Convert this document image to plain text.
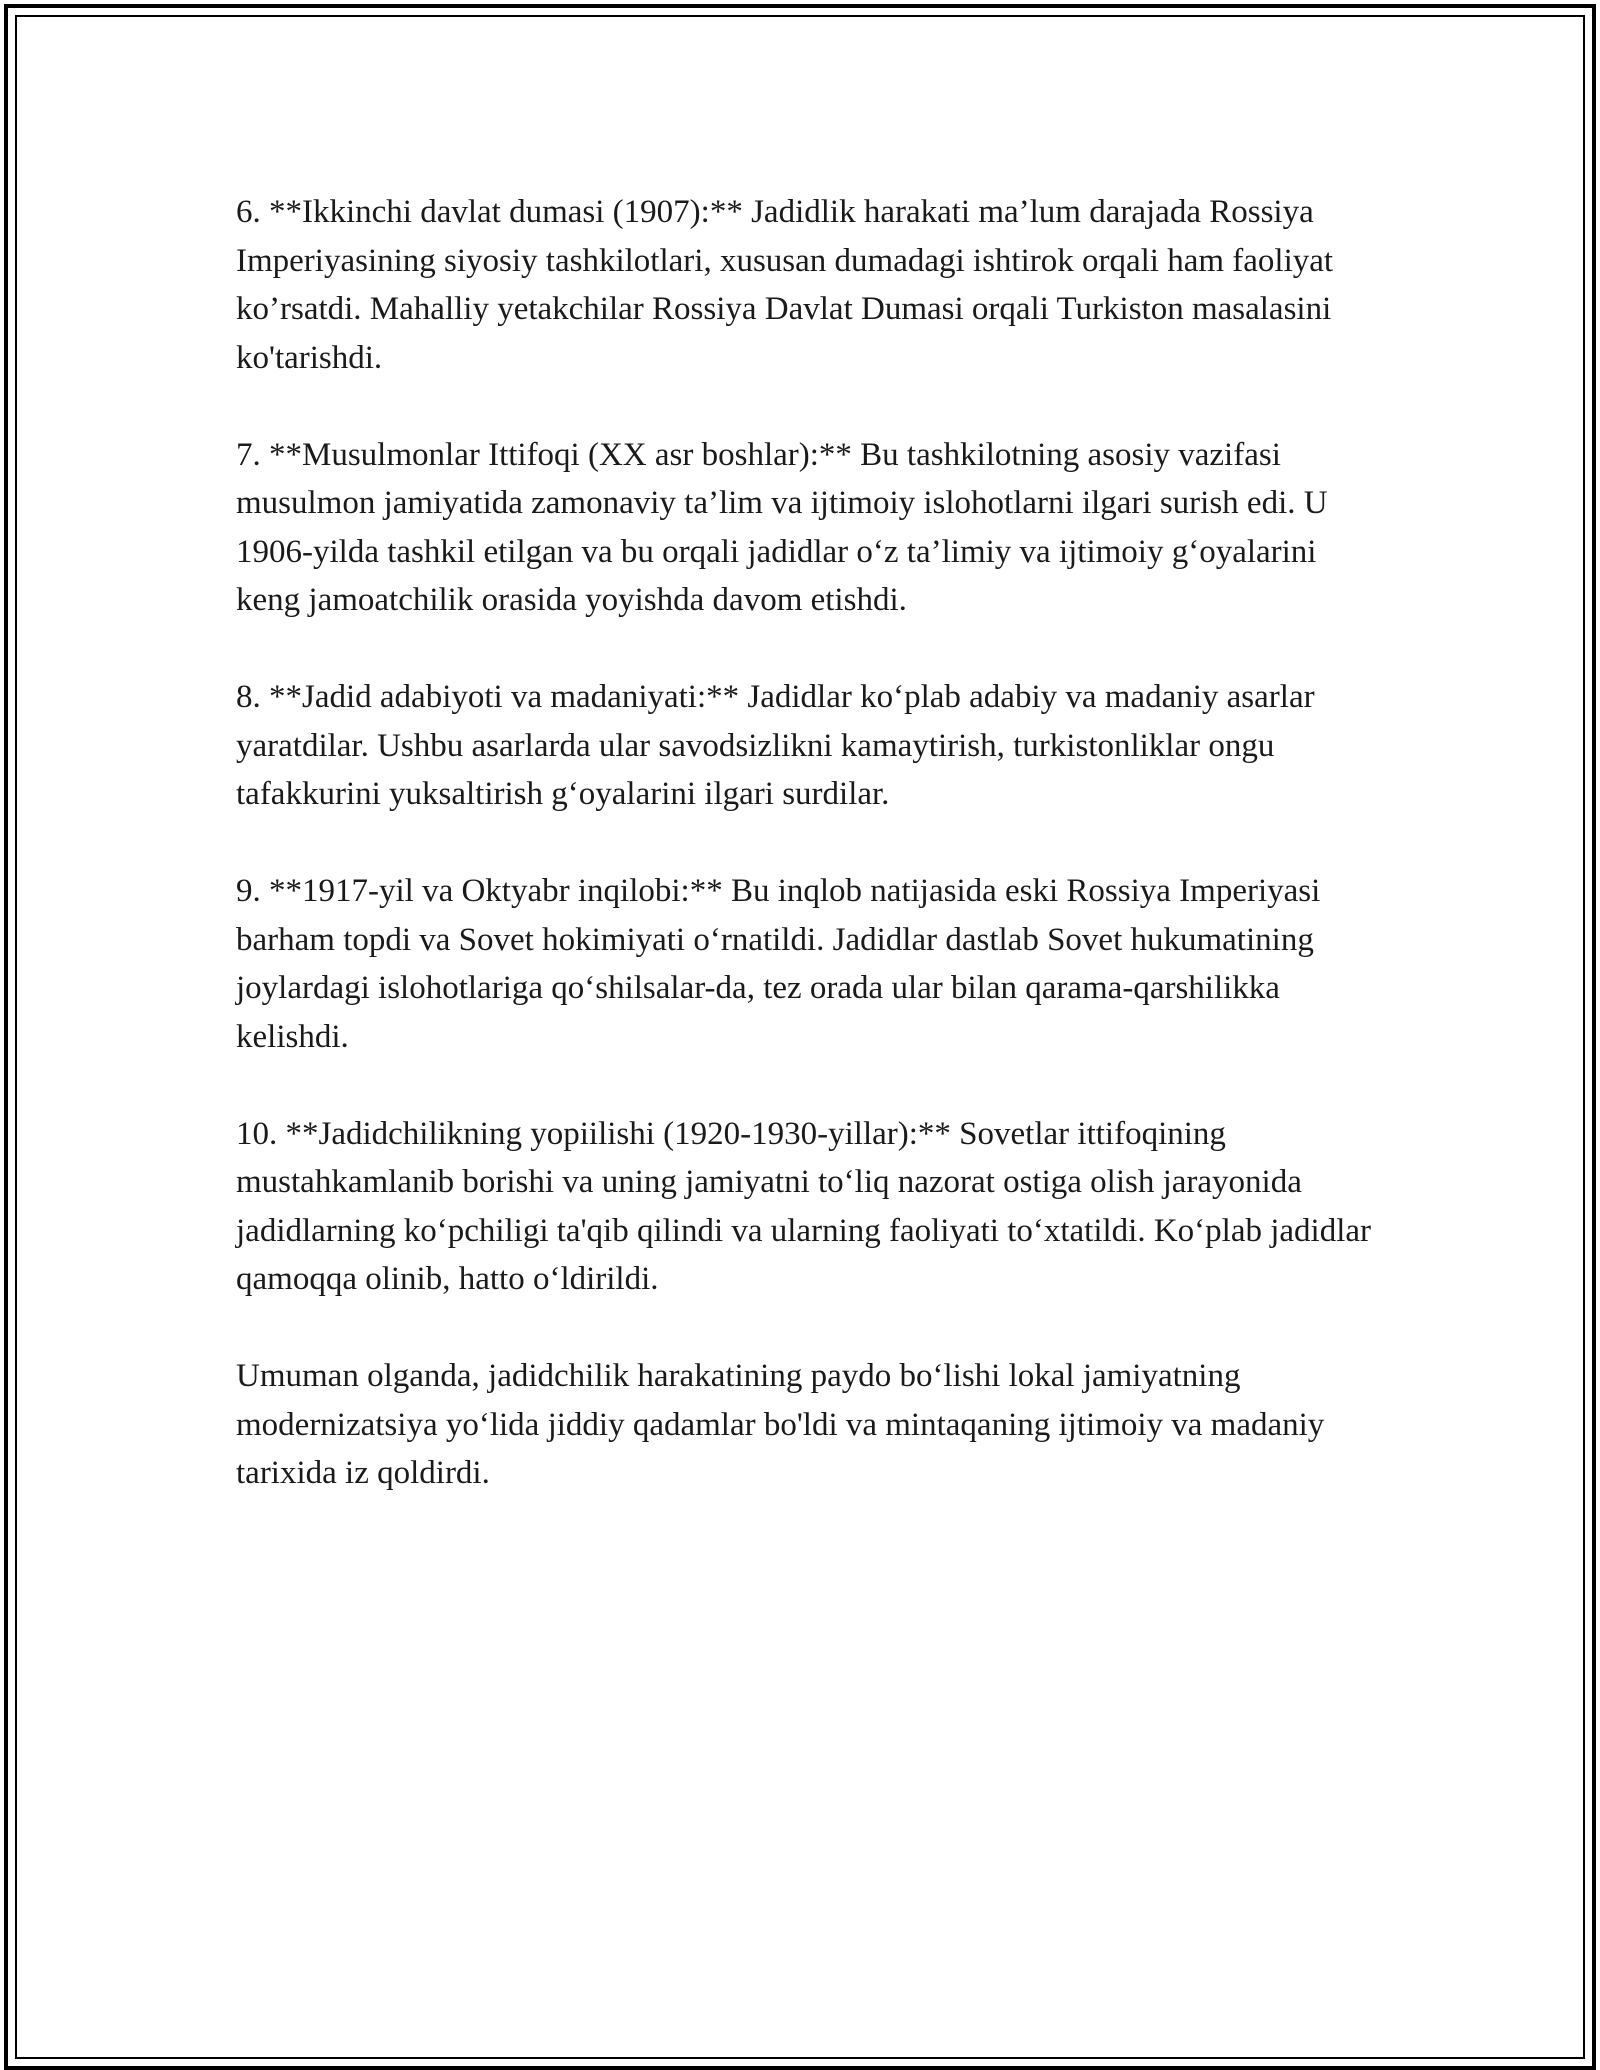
6. **Ikkinchi davlat dumasi (1907):** Jadidlik harakati ma’lum darajada Rossiya Imperiyasining siyosiy tashkilotlari, xususan dumadagi ishtirok orqali ham faoliyat ko’rsatdi. Mahalliy yetakchilar Rossiya Davlat Dumasi orqali Turkiston masalasini ko'tarishdi.

7. **Musulmonlar Ittifoqi (XX asr boshlar):** Bu tashkilotning asosiy vazifasi musulmon jamiyatida zamonaviy ta’lim va ijtimoiy islohotlarni ilgari surish edi. U 1906-yilda tashkil etilgan va bu orqali jadidlar o‘z ta’limiy va ijtimoiy g‘oyalarini keng jamoatchilik orasida yoyishda davom etishdi.

8. **Jadid adabiyoti va madaniyati:** Jadidlar ko‘plab adabiy va madaniy asarlar yaratdilar. Ushbu asarlarda ular savodsizlikni kamaytirish, turkistonliklar ongu tafakkurini yuksaltirish g‘oyalarini ilgari surdilar.

9. **1917-yil va Oktyabr inqilobi:** Bu inqlob natijasida eski Rossiya Imperiyasi barham topdi va Sovet hokimiyati o‘rnatildi. Jadidlar dastlab Sovet hukumatining joylardagi islohotlariga qo‘shilsalar-da, tez orada ular bilan qarama-qarshilikka kelishdi.

10. **Jadidchilikning yopiilishi (1920-1930-yillar):** Sovetlar ittifoqining mustahkamlanib borishi va uning jamiyatni to‘liq nazorat ostiga olish jarayonida jadidlarning ko‘pchiligi ta'qib qilindi va ularning faoliyati to‘xtatildi. Ko‘plab jadidlar qamoqqa olinib, hatto o‘ldirildi.

Umuman olganda, jadidchilik harakatining paydo bo‘lishi lokal jamiyatning modernizatsiya yo‘lida jiddiy qadamlar bo'ldi va mintaqaning ijtimoiy va madaniy tarixida iz qoldirdi.
